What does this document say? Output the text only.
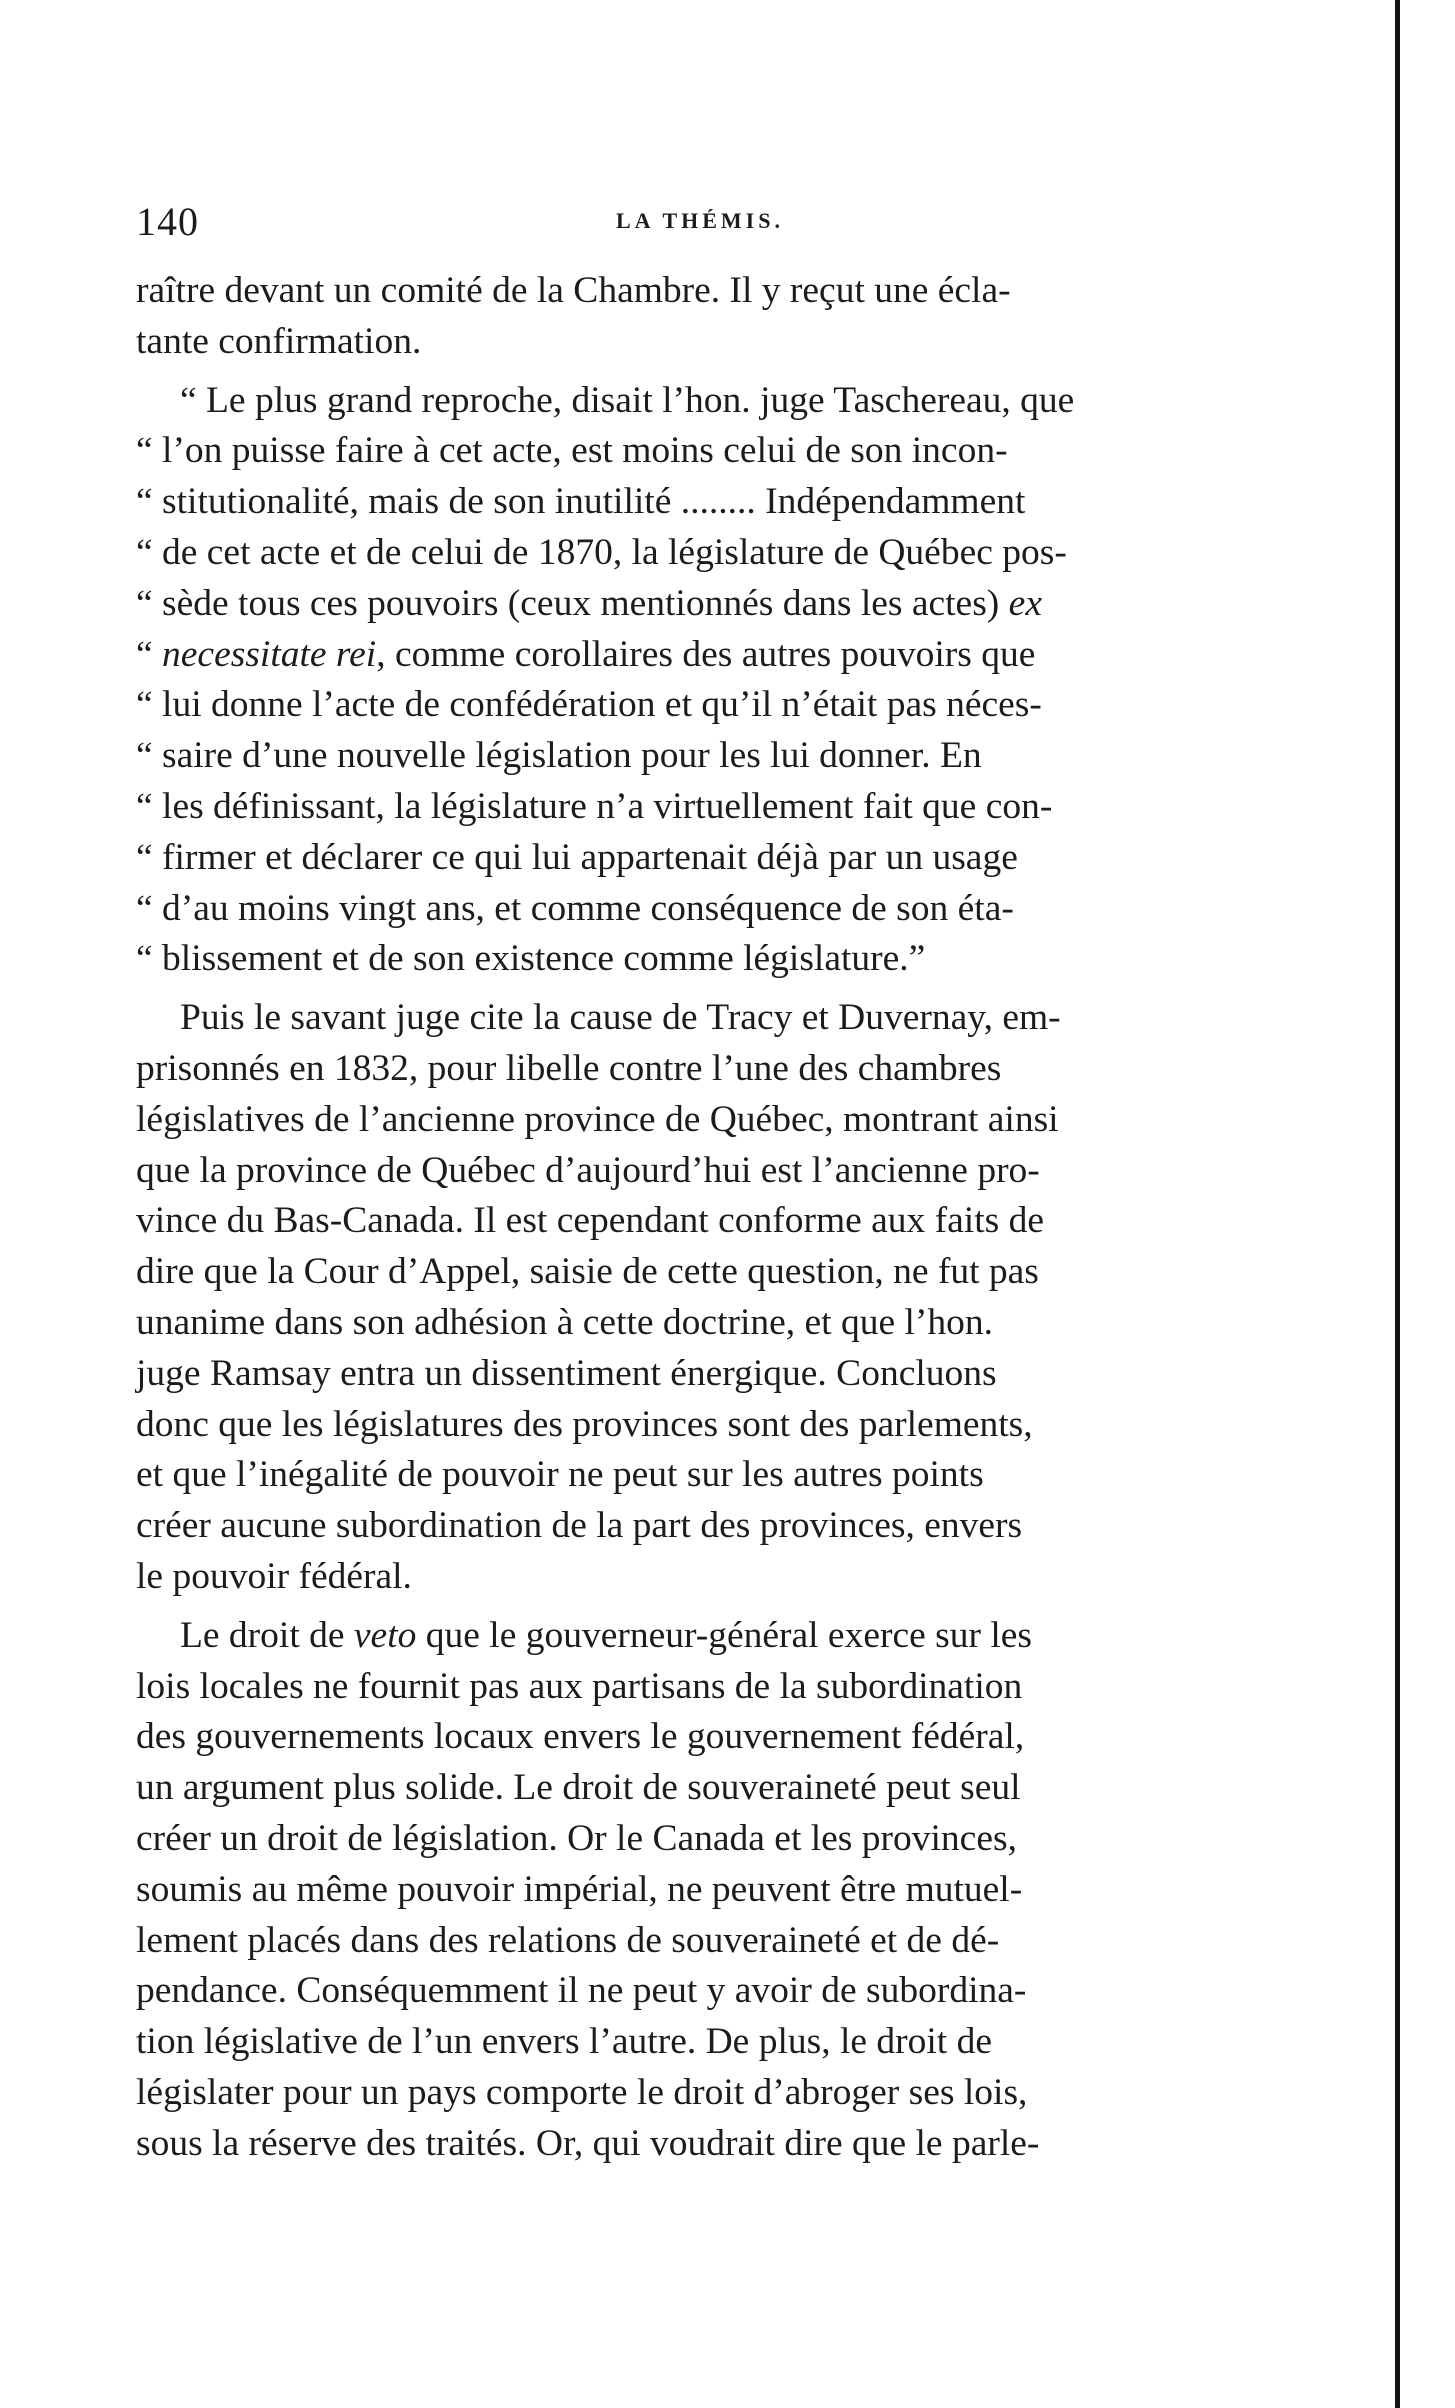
140	LA THÉMIS.
raître devant un comité de la Chambre. Il y reçut une écla-
tante confirmation.
“ Le plus grand reproche, disait l’hon. juge Taschereau, que
“ l’on puisse faire à cet acte, est moins celui de son incon-
“ stitutionalité, mais de son inutilité ........ Indépendamment
“ de cet acte et de celui de 1870, la législature de Québec pos-
“ sède tous ces pouvoirs (ceux mentionnés dans les actes) ex
“ necessitate rei, comme corollaires des autres pouvoirs que
“ lui donne l’acte de confédération et qu’il n’était pas néces-
“ saire d’une nouvelle législation pour les lui donner. En
“ les définissant, la législature n’a virtuellement fait que con-
“ firmer et déclarer ce qui lui appartenait déjà par un usage
“ d’au moins vingt ans, et comme conséquence de son éta-
“ blissement et de son existence comme législature.”
Puis le savant juge cite la cause de Tracy et Duvernay, em-
prisonnés en 1832, pour libelle contre l’une des chambres
législatives de l’ancienne province de Québec, montrant ainsi
que la province de Québec d’aujourd’hui est l’ancienne pro-
vince du Bas-Canada. Il est cependant conforme aux faits de
dire que la Cour d’Appel, saisie de cette question, ne fut pas
unanime dans son adhésion à cette doctrine, et que l’hon.
juge Ramsay entra un dissentiment énergique. Concluons
donc que les législatures des provinces sont des parlements,
et que l’inégalité de pouvoir ne peut sur les autres points
créer aucune subordination de la part des provinces, envers
le pouvoir fédéral.
Le droit de veto que le gouverneur-général exerce sur les
lois locales ne fournit pas aux partisans de la subordination
des gouvernements locaux envers le gouvernement fédéral,
un argument plus solide. Le droit de souveraineté peut seul
créer un droit de législation. Or le Canada et les provinces,
soumis au même pouvoir impérial, ne peuvent être mutuel-
lement placés dans des relations de souveraineté et de dé-
pendance. Conséquemment il ne peut y avoir de subordina-
tion législative de l’un envers l’autre. De plus, le droit de
législater pour un pays comporte le droit d’abroger ses lois,
sous la réserve des traités. Or, qui voudrait dire que le parle-
